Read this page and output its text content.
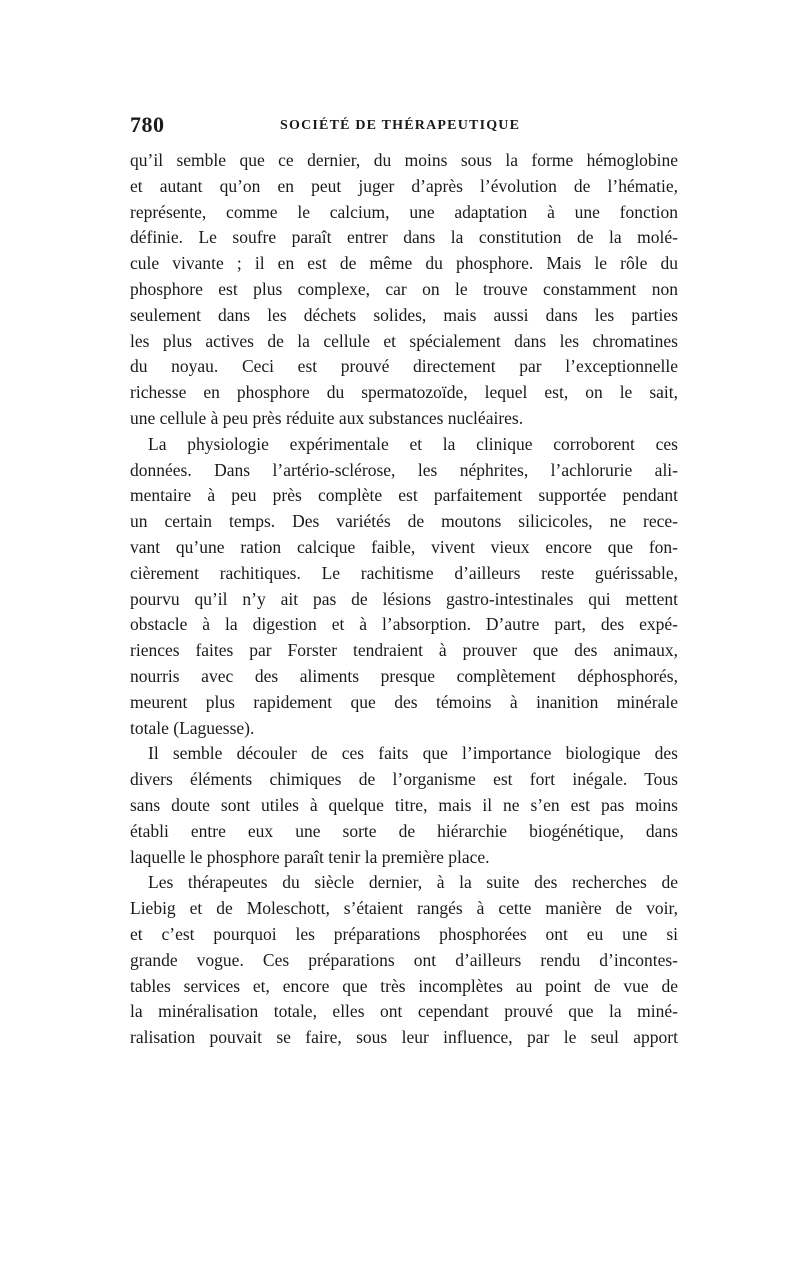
780	SOCIÉTÉ DE THÉRAPEUTIQUE
qu’il semble que ce dernier, du moins sous la forme hémoglobine
et autant qu’on en peut juger d’après l’évolution de l’hématie,
représente, comme le calcium, une adaptation à une fonction
définie. Le soufre paraît entrer dans la constitution de la molé-
cule vivante ; il en est de même du phosphore. Mais le rôle du
phosphore est plus complexe, car on le trouve constamment non
seulement dans les déchets solides, mais aussi dans les parties
les plus actives de la cellule et spécialement dans les chromatines
du noyau. Ceci est prouvé directement par l’exceptionnelle
richesse en phosphore du spermatozoïde, lequel est, on le sait,
une cellule à peu près réduite aux substances nucléaires.
La physiologie expérimentale et la clinique corroborent ces
données. Dans l’artério-sclérose, les néphrites, l’achlorurie ali-
mentaire à peu près complète est parfaitement supportée pendant
un certain temps. Des variétés de moutons silicicoles, ne rece-
vant qu’une ration calcique faible, vivent vieux encore que fon-
cièrement rachitiques. Le rachitisme d’ailleurs reste guérissable,
pourvu qu’il n’y ait pas de lésions gastro-intestinales qui mettent
obstacle à la digestion et à l’absorption. D’autre part, des expé-
riences faites par Forster tendraient à prouver que des animaux,
nourris avec des aliments presque complètement déphosphorés,
meurent plus rapidement que des témoins à inanition minérale
totale (Laguesse).
Il semble découler de ces faits que l’importance biologique des
divers éléments chimiques de l’organisme est fort inégale. Tous
sans doute sont utiles à quelque titre, mais il ne s’en est pas moins
établi entre eux une sorte de hiérarchie biogénétique, dans
laquelle le phosphore paraît tenir la première place.
Les thérapeutes du siècle dernier, à la suite des recherches de
Liebig et de Moleschott, s’étaient rangés à cette manière de voir,
et c’est pourquoi les préparations phosphorées ont eu une si
grande vogue. Ces préparations ont d’ailleurs rendu d’incontes-
tables services et, encore que très incomplètes au point de vue de
la minéralisation totale, elles ont cependant prouvé que la miné-
ralisation pouvait se faire, sous leur influence, par le seul apport
